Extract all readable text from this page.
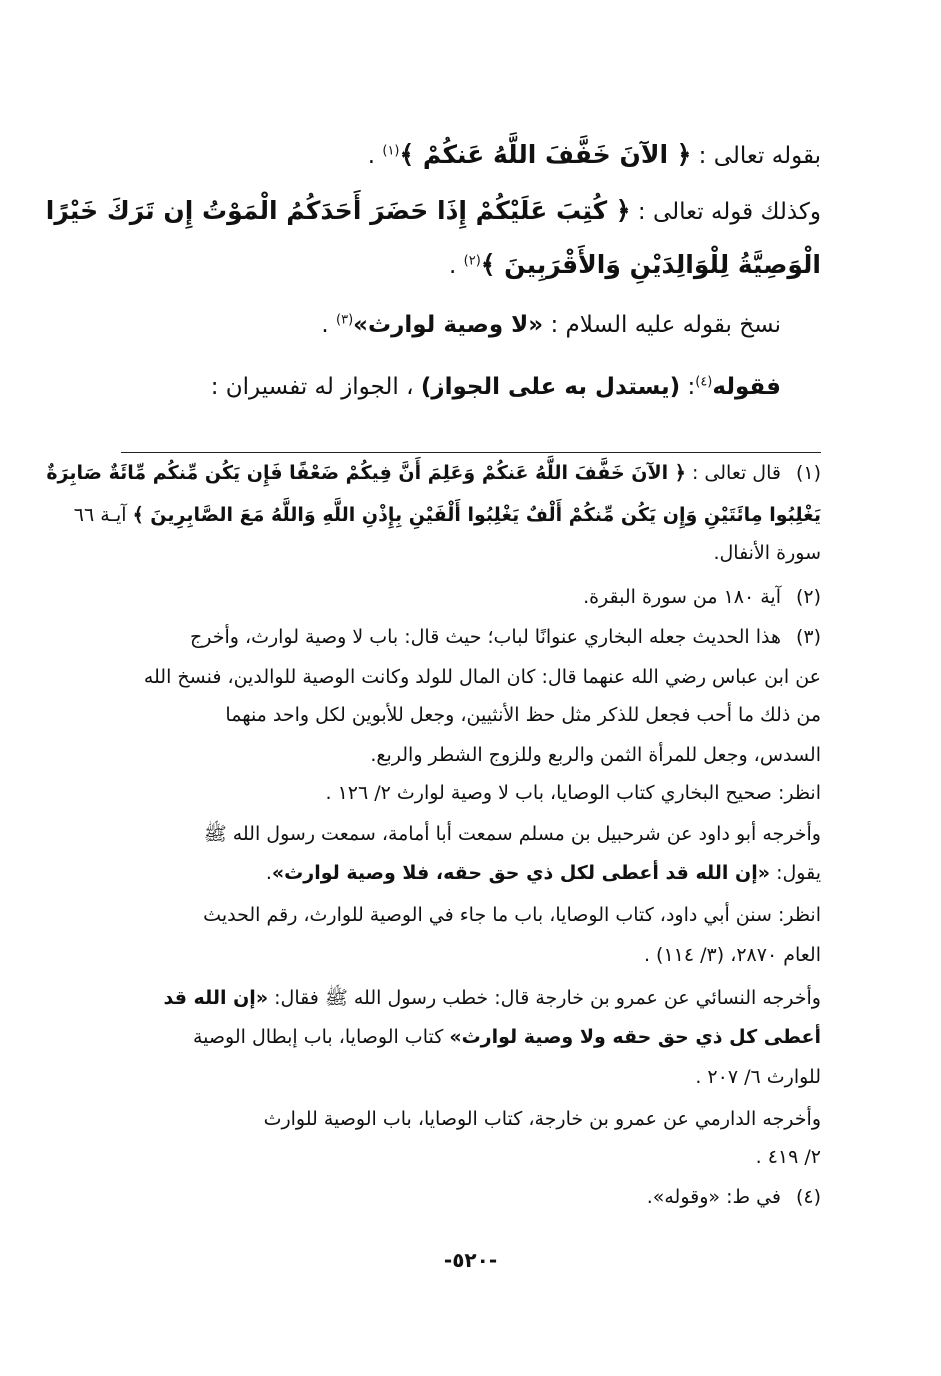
بقوله تعالى : ﴿ الآنَ خَفَّفَ اللَّهُ عَنكُمْ ﴾$^{(١)}$ .
وكذلك قوله تعالى : ﴿ كُتِبَ عَلَيْكُمْ إِذَا حَضَرَ أَحَدَكُمُ الْمَوْتُ إِن تَرَكَ خَيْرًا
الْوَصِيَّةُ لِلْوَالِدَيْنِ وَالأَقْرَبِينَ ﴾$^{(٢)}$ .
نسخ بقوله عليه السلام : «لا وصية لوارث»$^{(٣)}$ .
فقوله$^{(٤)}$: (يستدل به على الجواز) ، الجواز له تفسيران :
(١)
قال تعالى : ﴿ الآنَ خَفَّفَ اللَّهُ عَنكُمْ وَعَلِمَ أَنَّ فِيكُمْ ضَعْفًا فَإِن يَكُن مِّنكُم مِّائَةٌ صَابِرَةٌ
يَغْلِبُوا مِائَتَيْنِ وَإِن يَكُن مِّنكُمْ أَلْفٌ يَغْلِبُوا أَلْفَيْنِ بِإِذْنِ اللَّهِ وَاللَّهُ مَعَ الصَّابِرِينَ ﴾ آيـة ٦٦
سورة الأنفال.
(٢)
آية ١٨٠ من سورة البقرة.
(٣)
هذا الحديث جعله البخاري عنوانًا لباب؛ حيث قال: باب لا وصية لوارث، وأخرج
عن ابن عباس رضي الله عنهما قال: كان المال للولد وكانت الوصية للوالدين، فنسخ الله
من ذلك ما أحب فجعل للذكر مثل حظ الأنثيين، وجعل للأبوين لكل واحد منهما
السدس، وجعل للمرأة الثمن والربع وللزوج الشطر والربع.
انظر: صحيح البخاري كتاب الوصايا، باب لا وصية لوارث ٢/ ١٢٦ .
وأخرجه أبو داود عن شرحبيل بن مسلم سمعت أبا أمامة، سمعت رسول الله ﷺ
يقول: «إن الله قد أعطى لكل ذي حق حقه، فلا وصية لوارث».
انظر: سنن أبي داود، كتاب الوصايا، باب ما جاء في الوصية للوارث، رقم الحديث
العام ٢٨٧٠، (٣/ ١١٤) .
وأخرجه النسائي عن عمرو بن خارجة قال: خطب رسول الله ﷺ فقال: «إن الله قد
أعطى كل ذي حق حقه ولا وصية لوارث» كتاب الوصايا، باب إبطال الوصية
للوارث ٦/ ٢٠٧ .
وأخرجه الدارمي عن عمرو بن خارجة، كتاب الوصايا، باب الوصية للوارث
٢/ ٤١٩ .
(٤)
في ط: «وقوله».
-٥٢٠-
